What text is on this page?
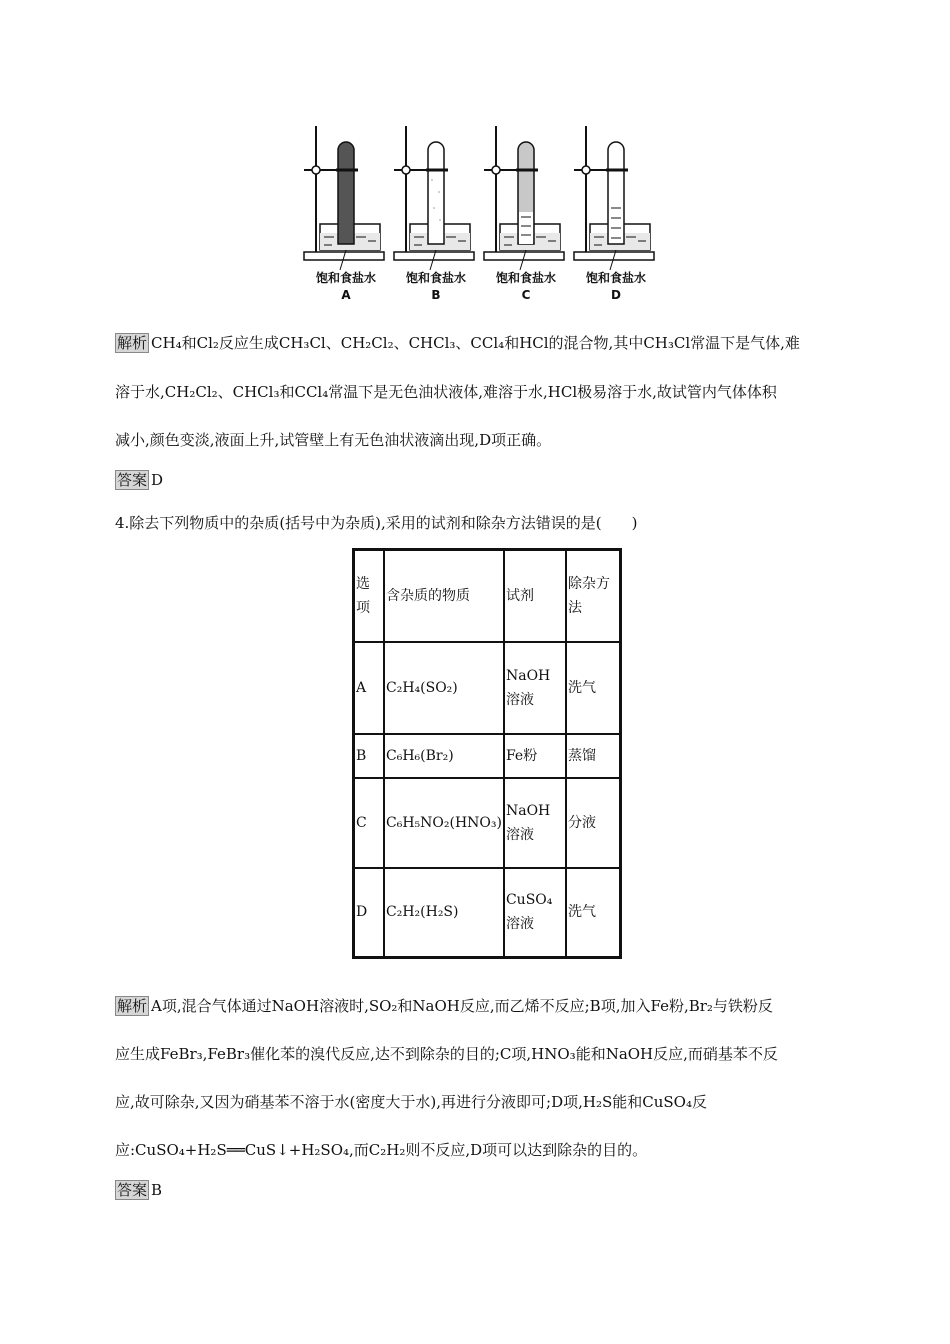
饱和食盐水 饱和食盐水 饱和食盐水 饱和食盐水
A	B	C	D
解析 CH₄和Cl₂反应生成CH₃Cl、CH₂Cl₂、CHCl₃、CCl₄和HCl的混合物,其中CH₃Cl常温下是气体,难
溶于水,CH₂Cl₂、CHCl₃和CCl₄常温下是无色油状液体,难溶于水,HCl极易溶于水,故试管内气体体积
减小,颜色变淡,液面上升,试管壁上有无色油状液滴出现,D项正确。
答案 D
4.除去下列物质中的杂质(括号中为杂质),采用的试剂和除杂方法错误的是(　　)
选项	含杂质的物质	试剂	除杂方法
A	C₂H₄(SO₂)	NaOH溶液	洗气
B	C₆H₆(Br₂)	Fe粉	蒸馏
C	C₆H₅NO₂(HNO₃)	NaOH溶液	分液
D	C₂H₂(H₂S)	CuSO₄溶液	洗气
解析 A项,混合气体通过NaOH溶液时,SO₂和NaOH反应,而乙烯不反应;B项,加入Fe粉,Br₂与铁粉反
应生成FeBr₃,FeBr₃催化苯的溴代反应,达不到除杂的目的;C项,HNO₃能和NaOH反应,而硝基苯不反
应,故可除杂,又因为硝基苯不溶于水(密度大于水),再进行分液即可;D项,H₂S能和CuSO₄反
应:CuSO₄+H₂S══CuS↓+H₂SO₄,而C₂H₂则不反应,D项可以达到除杂的目的。
答案 B
